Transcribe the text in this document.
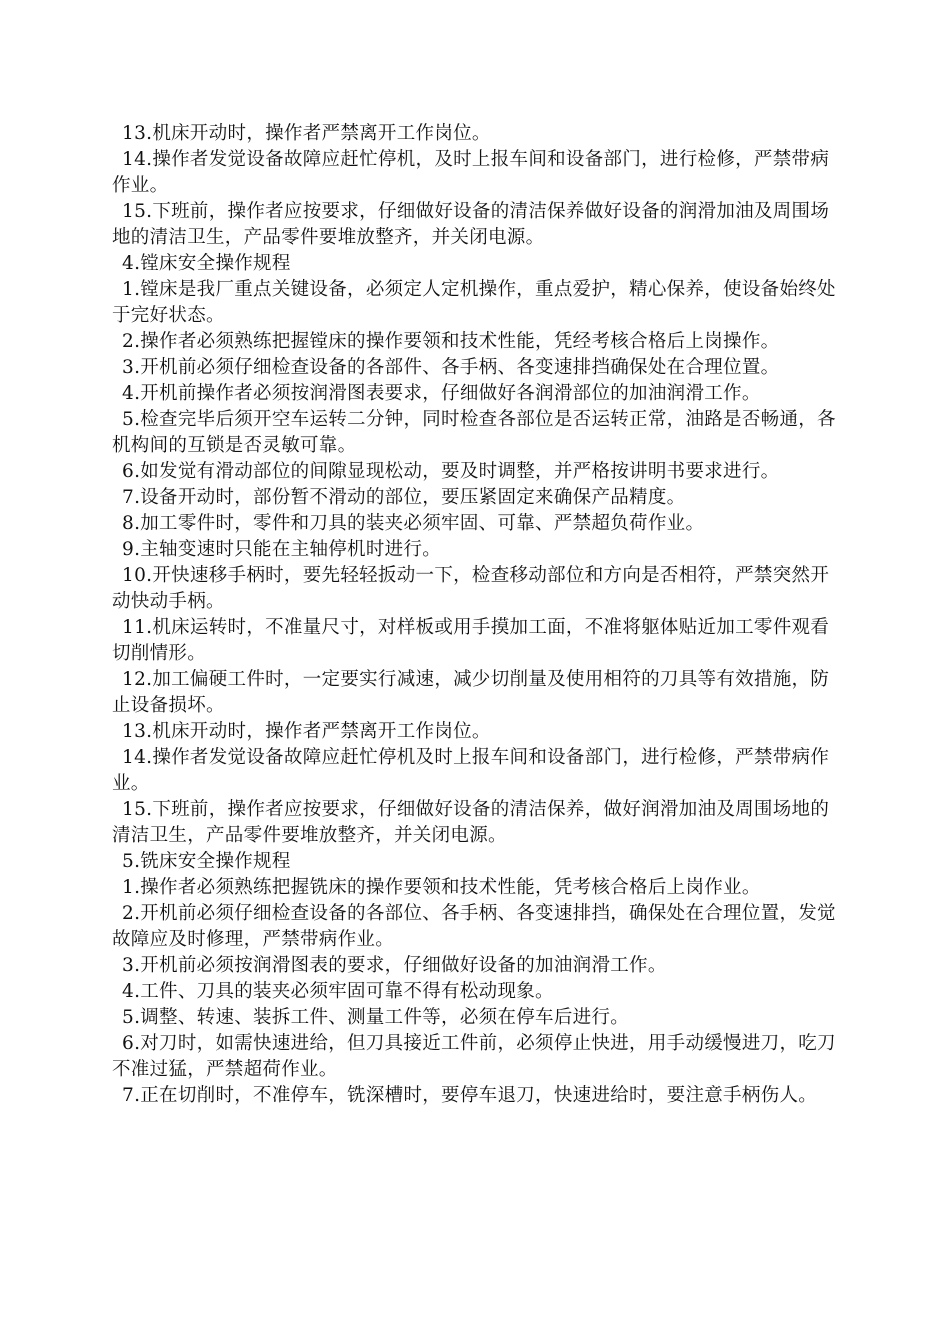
13.机床开动时，操作者严禁离开工作岗位。

14.操作者发觉设备故障应赶忙停机，及时上报车间和设备部门，进行检修，严禁带病作业。

15.下班前，操作者应按要求，仔细做好设备的清洁保养做好设备的润滑加油及周围场地的清洁卫生，产品零件要堆放整齐，并关闭电源。

4.镗床安全操作规程

1.镗床是我厂重点关键设备，必须定人定机操作，重点爱护，精心保养，使设备始终处于完好状态。

2.操作者必须熟练把握镗床的操作要领和技术性能，凭经考核合格后上岗操作。

3.开机前必须仔细检查设备的各部件、各手柄、各变速排挡确保处在合理位置。

4.开机前操作者必须按润滑图表要求，仔细做好各润滑部位的加油润滑工作。

5.检查完毕后须开空车运转二分钟，同时检查各部位是否运转正常，油路是否畅通，各机构间的互锁是否灵敏可靠。

6.如发觉有滑动部位的间隙显现松动，要及时调整，并严格按讲明书要求进行。

7.设备开动时，部份暂不滑动的部位，要压紧固定来确保产品精度。

8.加工零件时，零件和刀具的装夹必须牢固、可靠、严禁超负荷作业。

9.主轴变速时只能在主轴停机时进行。

10.开快速移手柄时，要先轻轻扳动一下，检查移动部位和方向是否相符，严禁突然开动快动手柄。

11.机床运转时，不准量尺寸，对样板或用手摸加工面，不准将躯体贴近加工零件观看切削情形。

12.加工偏硬工件时，一定要实行减速，减少切削量及使用相符的刀具等有效措施，防止设备损坏。

13.机床开动时，操作者严禁离开工作岗位。

14.操作者发觉设备故障应赶忙停机及时上报车间和设备部门，进行检修，严禁带病作业。

15.下班前，操作者应按要求，仔细做好设备的清洁保养，做好润滑加油及周围场地的清洁卫生，产品零件要堆放整齐，并关闭电源。

5.铣床安全操作规程

1.操作者必须熟练把握铣床的操作要领和技术性能，凭考核合格后上岗作业。

2.开机前必须仔细检查设备的各部位、各手柄、各变速排挡，确保处在合理位置，发觉故障应及时修理，严禁带病作业。

3.开机前必须按润滑图表的要求，仔细做好设备的加油润滑工作。

4.工件、刀具的装夹必须牢固可靠不得有松动现象。

5.调整、转速、装拆工件、测量工件等，必须在停车后进行。

6.对刀时，如需快速进给，但刀具接近工件前，必须停止快进，用手动缓慢进刀，吃刀不准过猛，严禁超荷作业。

7.正在切削时，不准停车，铣深槽时，要停车退刀，快速进给时，要注意手柄伤人。
